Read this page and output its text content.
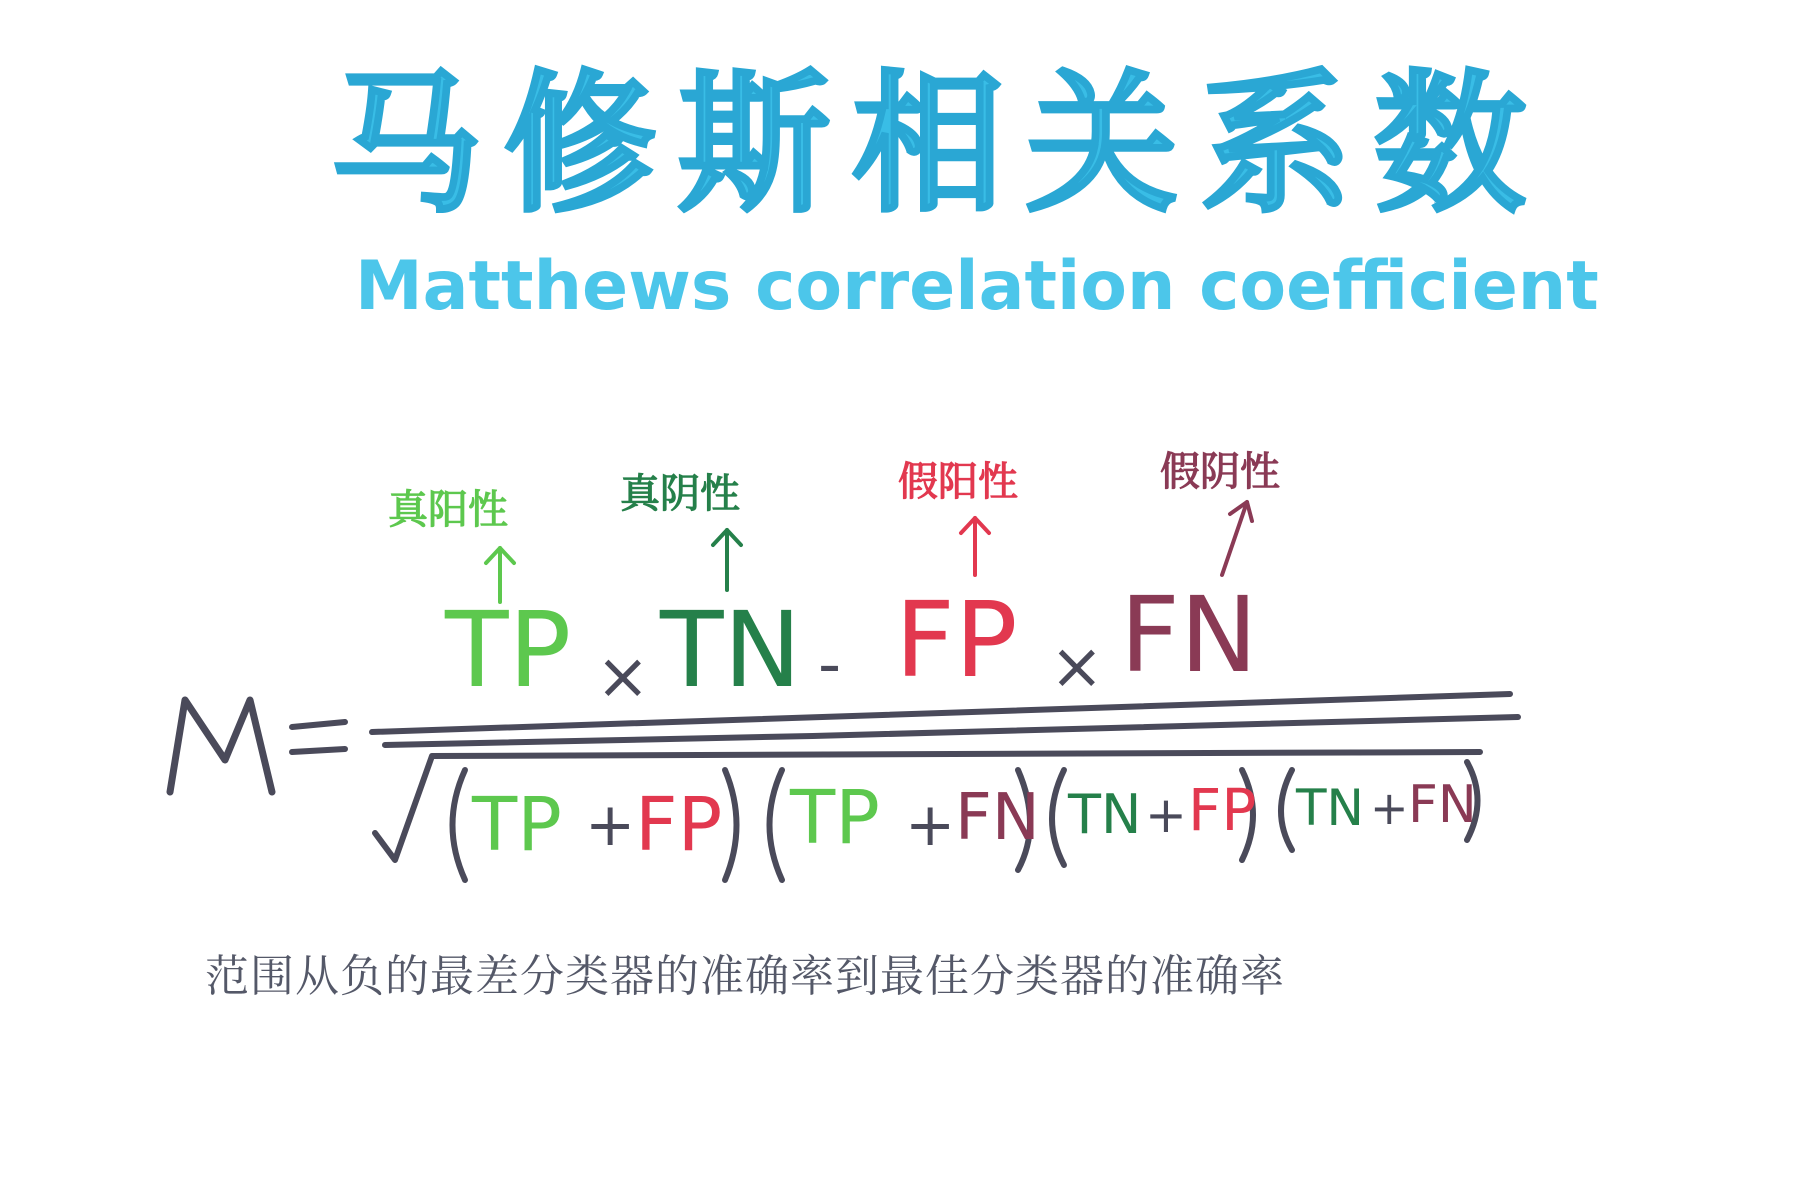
马修斯相关系数
Matthews correlation coefficient
真阳性	真阴性	假阳性	假阴性
TP × TN - FP × FN
TP + FP TP + FN TN + FP TN + FN
M
范围从负的最差分类器的准确率到最佳分类器的准确率
